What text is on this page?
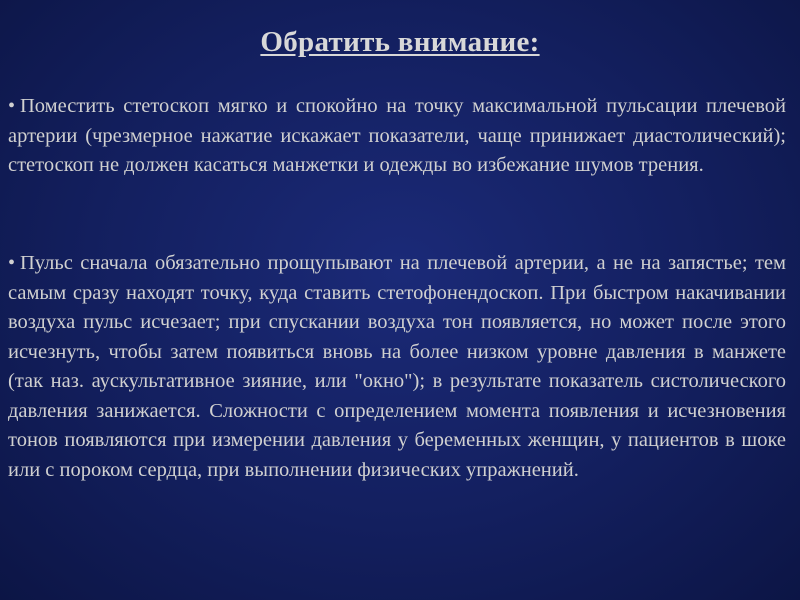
Обратить внимание:
• Поместить стетоскоп мягко и спокойно на точку максимальной пульсации плечевой артерии (чрезмерное нажатие искажает показатели, чаще принижает диастолический); стетоскоп не должен касаться манжетки и одежды во избежание шумов трения.
• Пульс сначала обязательно прощупывают на плечевой артерии, а не на запястье; тем самым сразу находят точку, куда ставить стетофонендоскоп. При быстром накачивании воздуха пульс исчезает; при спускании воздуха тон появляется, но может после этого исчезнуть, чтобы затем появиться вновь на более низком уровне давления в манжете (так наз. аускультативное зияние, или "окно"); в результате показатель систолического давления занижается. Сложности с определением момента появления и исчезновения тонов появляются при измерении давления у беременных женщин, у пациентов в шоке или с пороком сердца, при выполнении физических упражнений.
